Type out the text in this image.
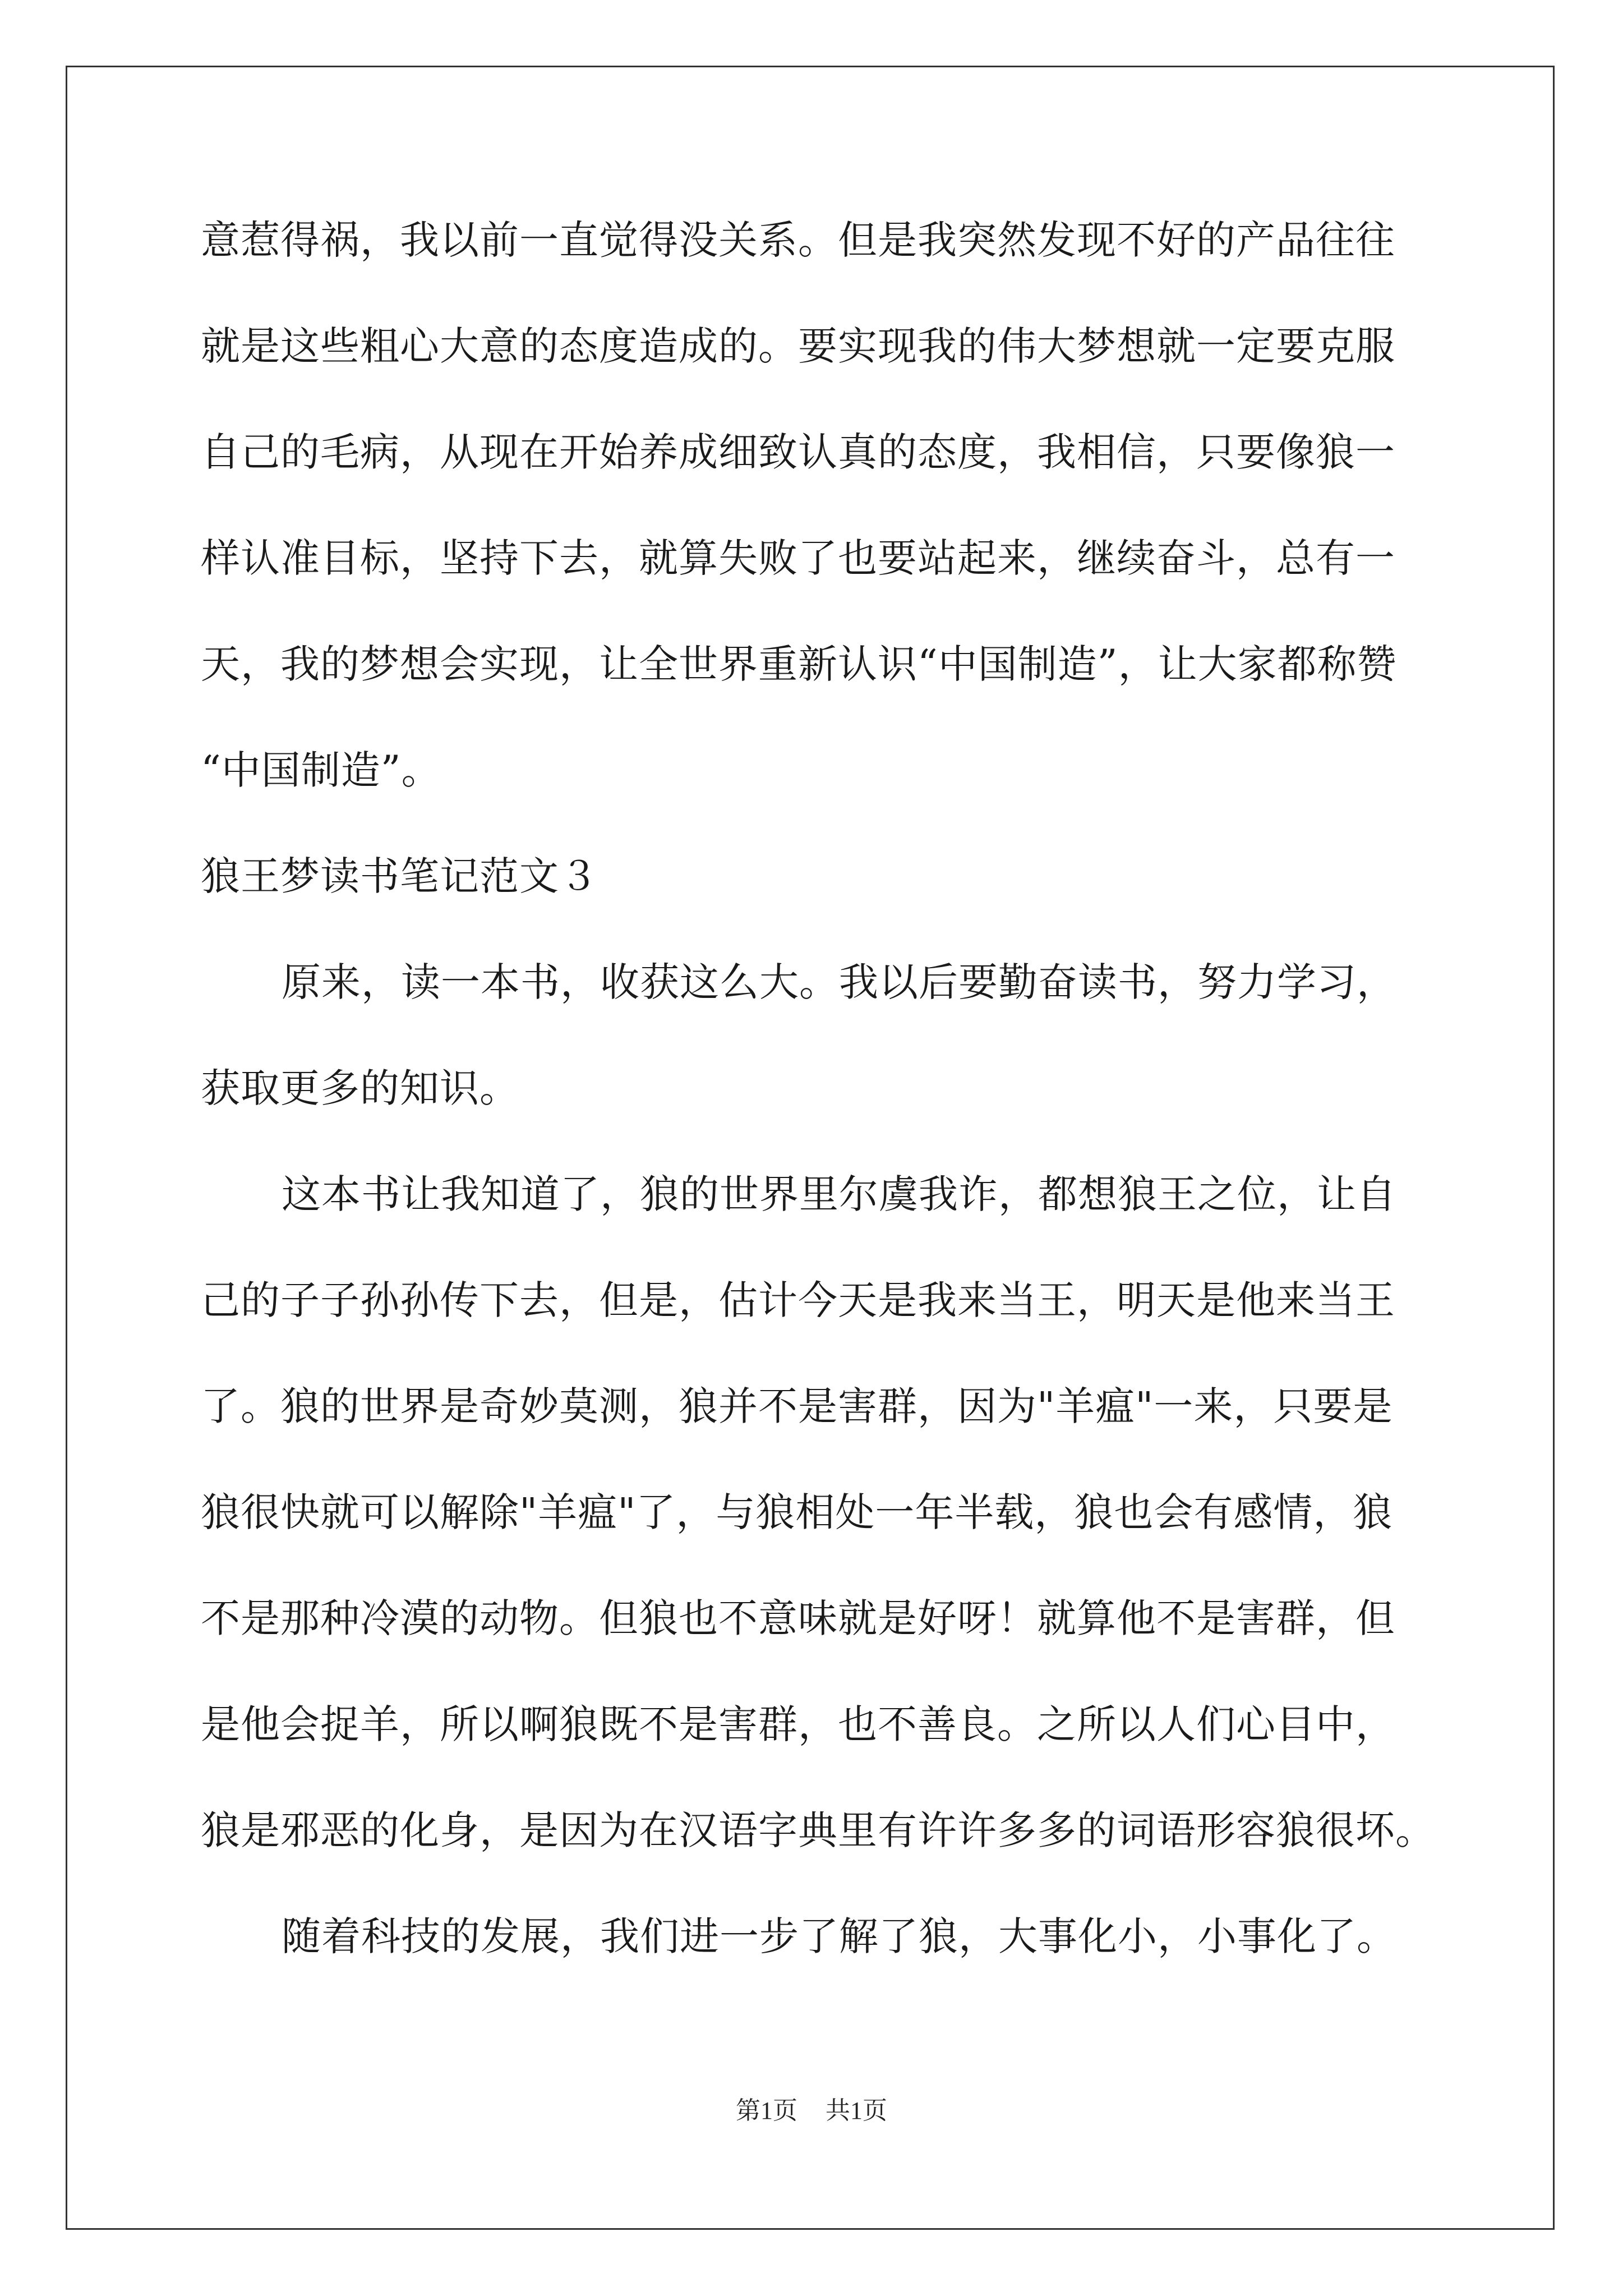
意惹得祸，我以前一直觉得没关系。但是我突然发现不好的产品往往
就是这些粗心大意的态度造成的。要实现我的伟大梦想就一定要克服
自己的毛病，从现在开始养成细致认真的态度，我相信，只要像狼一
样认准目标，坚持下去，就算失败了也要站起来，继续奋斗，总有一
天，我的梦想会实现，让全世界重新认识“中国制造”，让大家都称赞
“中国制造”。
狼王梦读书笔记范文３
原来，读一本书，收获这么大。我以后要勤奋读书，努力学习，
获取更多的知识。
这本书让我知道了，狼的世界里尔虞我诈，都想狼王之位，让自
己的子子孙孙传下去，但是，估计今天是我来当王，明天是他来当王
了。狼的世界是奇妙莫测，狼并不是害群，因为"羊瘟"一来，只要是
狼很快就可以解除"羊瘟"了，与狼相处一年半载，狼也会有感情，狼
不是那种冷漠的动物。但狼也不意味就是好呀！就算他不是害群，但
是他会捉羊，所以啊狼既不是害群，也不善良。之所以人们心目中，
狼是邪恶的化身，是因为在汉语字典里有许许多多的词语形容狼很坏。
随着科技的发展，我们进一步了解了狼，大事化小，小事化了。
第1页 共1页
